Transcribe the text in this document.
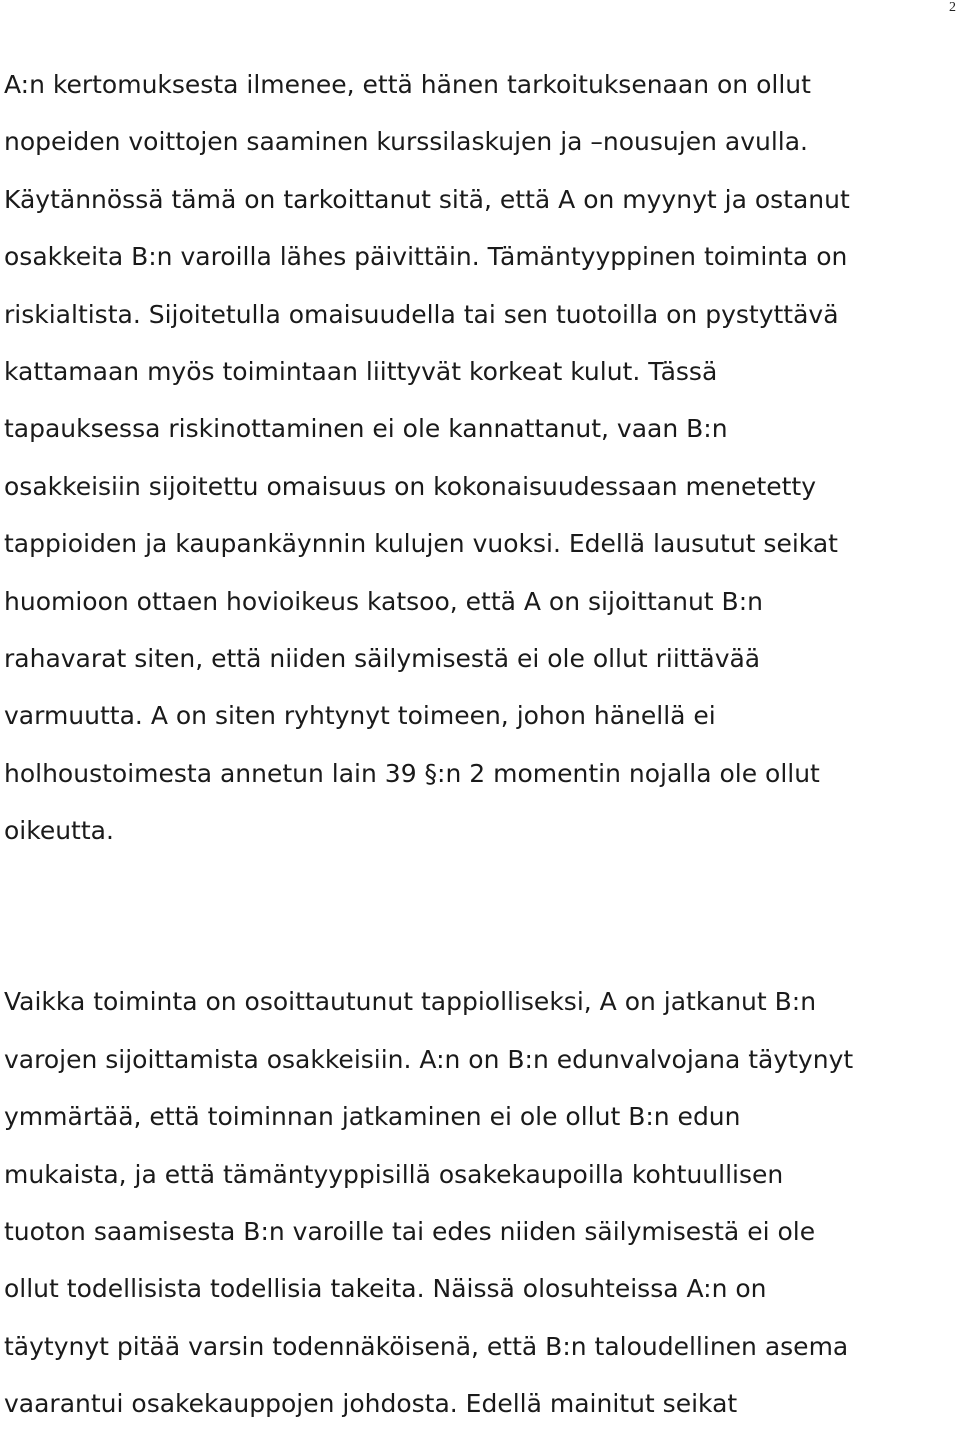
2
A:n kertomuksesta ilmenee, että hänen tarkoituksenaan on ollut
nopeiden voittojen saaminen kurssilaskujen ja –nousujen avulla.
Käytännössä tämä on tarkoittanut sitä, että A on myynyt ja ostanut
osakkeita B:n varoilla lähes päivittäin. Tämäntyyppinen toiminta on
riskialtista. Sijoitetulla omaisuudella tai sen tuotoilla on pystyttävä
kattamaan myös toimintaan liittyvät korkeat kulut. Tässä
tapauksessa riskinottaminen ei ole kannattanut, vaan B:n
osakkeisiin sijoitettu omaisuus on kokonaisuudessaan menetetty
tappioiden ja kaupankäynnin kulujen vuoksi. Edellä lausutut seikat
huomioon ottaen hovioikeus katsoo, että A on sijoittanut B:n
rahavarat siten, että niiden säilymisestä ei ole ollut riittävää
varmuutta. A on siten ryhtynyt toimeen, johon hänellä ei
holhoustoimesta annetun lain 39 §:n 2 momentin nojalla ole ollut
oikeutta.
Vaikka toiminta on osoittautunut tappiolliseksi, A on jatkanut B:n
varojen sijoittamista osakkeisiin. A:n on B:n edunvalvojana täytynyt
ymmärtää, että toiminnan jatkaminen ei ole ollut B:n edun
mukaista, ja että tämäntyyppisillä osakekaupoilla kohtuullisen
tuoton saamisesta B:n varoille tai edes niiden säilymisestä ei ole
ollut todellisista todellisia takeita. Näissä olosuhteissa A:n on
täytynyt pitää varsin todennäköisenä, että B:n taloudellinen asema
vaarantui osakekauppojen johdosta. Edellä mainitut seikat
